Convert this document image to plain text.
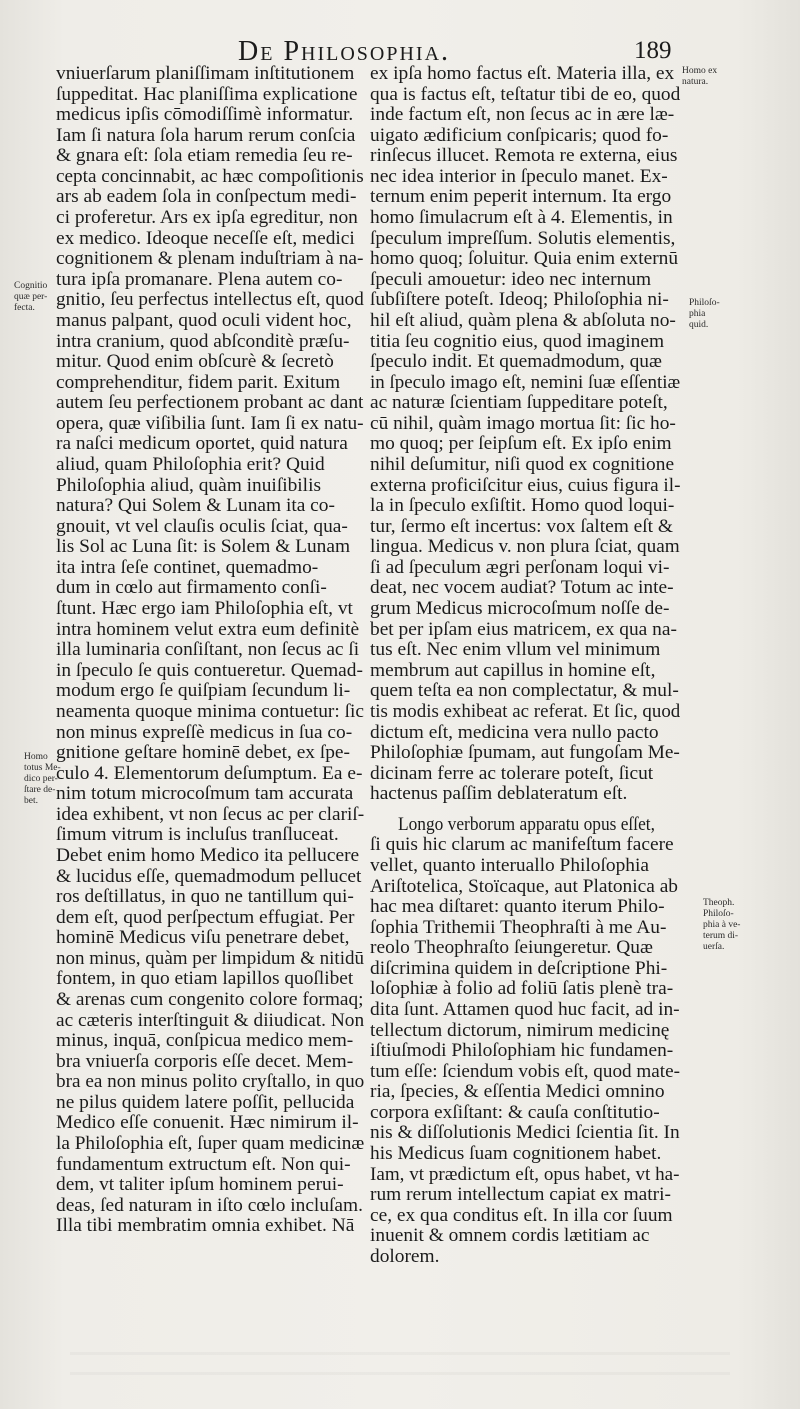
De Philosophia.	189
vniuerſarum planiſſimam inſtitutionem
ſuppeditat. Hac planiſſima explicatione
medicus ipſis cōmodiſſimè informatur.
Iam ſi natura ſola harum rerum conſcia
& gnara eſt: ſola etiam remedia ſeu re-
cepta concinnabit, ac hæc compoſitionis
ars ab eadem ſola in conſpectum medi-
ci proferetur. Ars ex ipſa egreditur, non
ex medico. Ideoque neceſſe eſt, medici
cognitionem & plenam induſtriam à na-
tura ipſa promanare. Plena autem co-
gnitio, ſeu perfectus intellectus eſt, quod
manus palpant, quod oculi vident hoc,
intra cranium, quod abſconditè præſu-
mitur. Quod enim obſcurè & ſecretò
comprehenditur, fidem parit. Exitum
autem ſeu perfectionem probant ac dant
opera, quæ viſibilia ſunt. Iam ſi ex natu-
ra naſci medicum oportet, quid natura
aliud, quam Philoſophia erit? Quid
Philoſophia aliud, quàm inuiſibilis
natura? Qui Solem & Lunam ita co-
gnouit, vt vel clauſis oculis ſciat, qua-
lis Sol ac Luna ſit: is Solem & Lunam
ita intra ſeſe continet, quemadmo-
dum in cœlo aut firmamento conſi-
ſtunt. Hæc ergo iam Philoſophia eſt, vt
intra hominem velut extra eum definitè
illa luminaria conſiſtant, non ſecus ac ſi
in ſpeculo ſe quis contueretur. Quemad-
modum ergo ſe quiſpiam ſecundum li-
neamenta quoque minima contuetur: ſic
non minus expreſſè medicus in ſua co-
gnitione geſtare hominē debet, ex ſpe-
culo 4. Elementorum deſumptum. Ea e-
nim totum microcoſmum tam accurata
idea exhibent, vt non ſecus ac per clariſ-
ſimum vitrum is incluſus tranſluceat.
Debet enim homo Medico ita pellucere
& lucidus eſſe, quemadmodum pellucet
ros deſtillatus, in quo ne tantillum qui-
dem eſt, quod perſpectum effugiat. Per
hominē Medicus viſu penetrare debet,
non minus, quàm per limpidum & nitidū
fontem, in quo etiam lapillos quoſlibet
& arenas cum congenito colore formaq;
ac cæteris interſtinguit & diiudicat. Non
minus, inquā, conſpicua medico mem-
bra vniuerſa corporis eſſe decet. Mem-
bra ea non minus polito cryſtallo, in quo
ne pilus quidem latere poſſit, pellucida
Medico eſſe conuenit. Hæc nimirum il-
la Philoſophia eſt, ſuper quam medicinæ
fundamentum extructum eſt. Non qui-
dem, vt taliter ipſum hominem perui-
deas, ſed naturam in iſto cœlo incluſam.
Illa tibi membratim omnia exhibet. Nā
ex ipſa homo factus eſt. Materia illa, ex
qua is factus eſt, teſtatur tibi de eo, quod
inde factum eſt, non ſecus ac in ære læ-
uigato ædificium conſpicaris; quod fo-
rinſecus illucet. Remota re externa, eius
nec idea interior in ſpeculo manet. Ex-
ternum enim peperit internum. Ita ergo
homo ſimulacrum eſt à 4. Elementis, in
ſpeculum impreſſum. Solutis elementis,
homo quoq; ſoluitur. Quia enim externū
ſpeculi amouetur: ideo nec internum
ſubſiſtere poteſt. Ideoq; Philoſophia ni-
hil eſt aliud, quàm plena & abſoluta no-
titia ſeu cognitio eius, quod imaginem
ſpeculo indit. Et quemadmodum, quæ
in ſpeculo imago eſt, nemini ſuæ eſſentiæ
ac naturæ ſcientiam ſuppeditare poteſt,
cū nihil, quàm imago mortua ſit: ſic ho-
mo quoq; per ſeipſum eſt. Ex ipſo enim
nihil deſumitur, niſi quod ex cognitione
externa proficiſcitur eius, cuius figura il-
la in ſpeculo exſiſtit. Homo quod loqui-
tur, ſermo eſt incertus: vox ſaltem eſt &
lingua. Medicus v. non plura ſciat, quam
ſi ad ſpeculum ægri perſonam loqui vi-
deat, nec vocem audiat? Totum ac inte-
grum Medicus microcoſmum noſſe de-
bet per ipſam eius matricem, ex qua na-
tus eſt. Nec enim vllum vel minimum
membrum aut capillus in homine eſt,
quem teſta ea non complectatur, & mul-
tis modis exhibeat ac referat. Et ſic, quod
dictum eſt, medicina vera nullo pacto
Philoſophiæ ſpumam, aut fungoſam Me-
dicinam ferre ac tolerare poteſt, ſicut
hactenus paſſim deblateratum eſt.
Longo verborum apparatu opus eſſet,
ſi quis hic clarum ac manifeſtum facere
vellet, quanto interuallo Philoſophia
Ariſtotelica, Stoïcaque, aut Platonica ab
hac mea diſtaret: quanto iterum Philo-
ſophia Trithemii Theophraſti à me Au-
reolo Theophraſto ſeiungeretur. Quæ
diſcrimina quidem in deſcriptione Phi-
loſophiæ à folio ad foliū ſatis plenè tra-
dita ſunt. Attamen quod huc facit, ad in-
tellectum dictorum, nimirum medicinę
iſtiuſmodi Philoſophiam hic fundamen-
tum eſſe: ſciendum vobis eſt, quod mate-
ria, ſpecies, & eſſentia Medici omnino
corpora exſiſtant: & cauſa conſtitutio-
nis & diſſolutionis Medici ſcientia ſit. In
his Medicus ſuam cognitionem habet.
Iam, vt prædictum eſt, opus habet, vt ha-
rum rerum intellectum capiat ex matri-
ce, ex qua conditus eſt. In illa cor ſuum
inuenit & omnem cordis lætitiam ac
dolorem.
Homo ex
natura.
Cognitio
quæ per-
fecta.	Philoſo-
phia
quid.
Homo
totus Me-
dico per-
ſtare de-
bet.
Theoph.
Philoſo-
phia à ve-
terum di-
uerſa.
